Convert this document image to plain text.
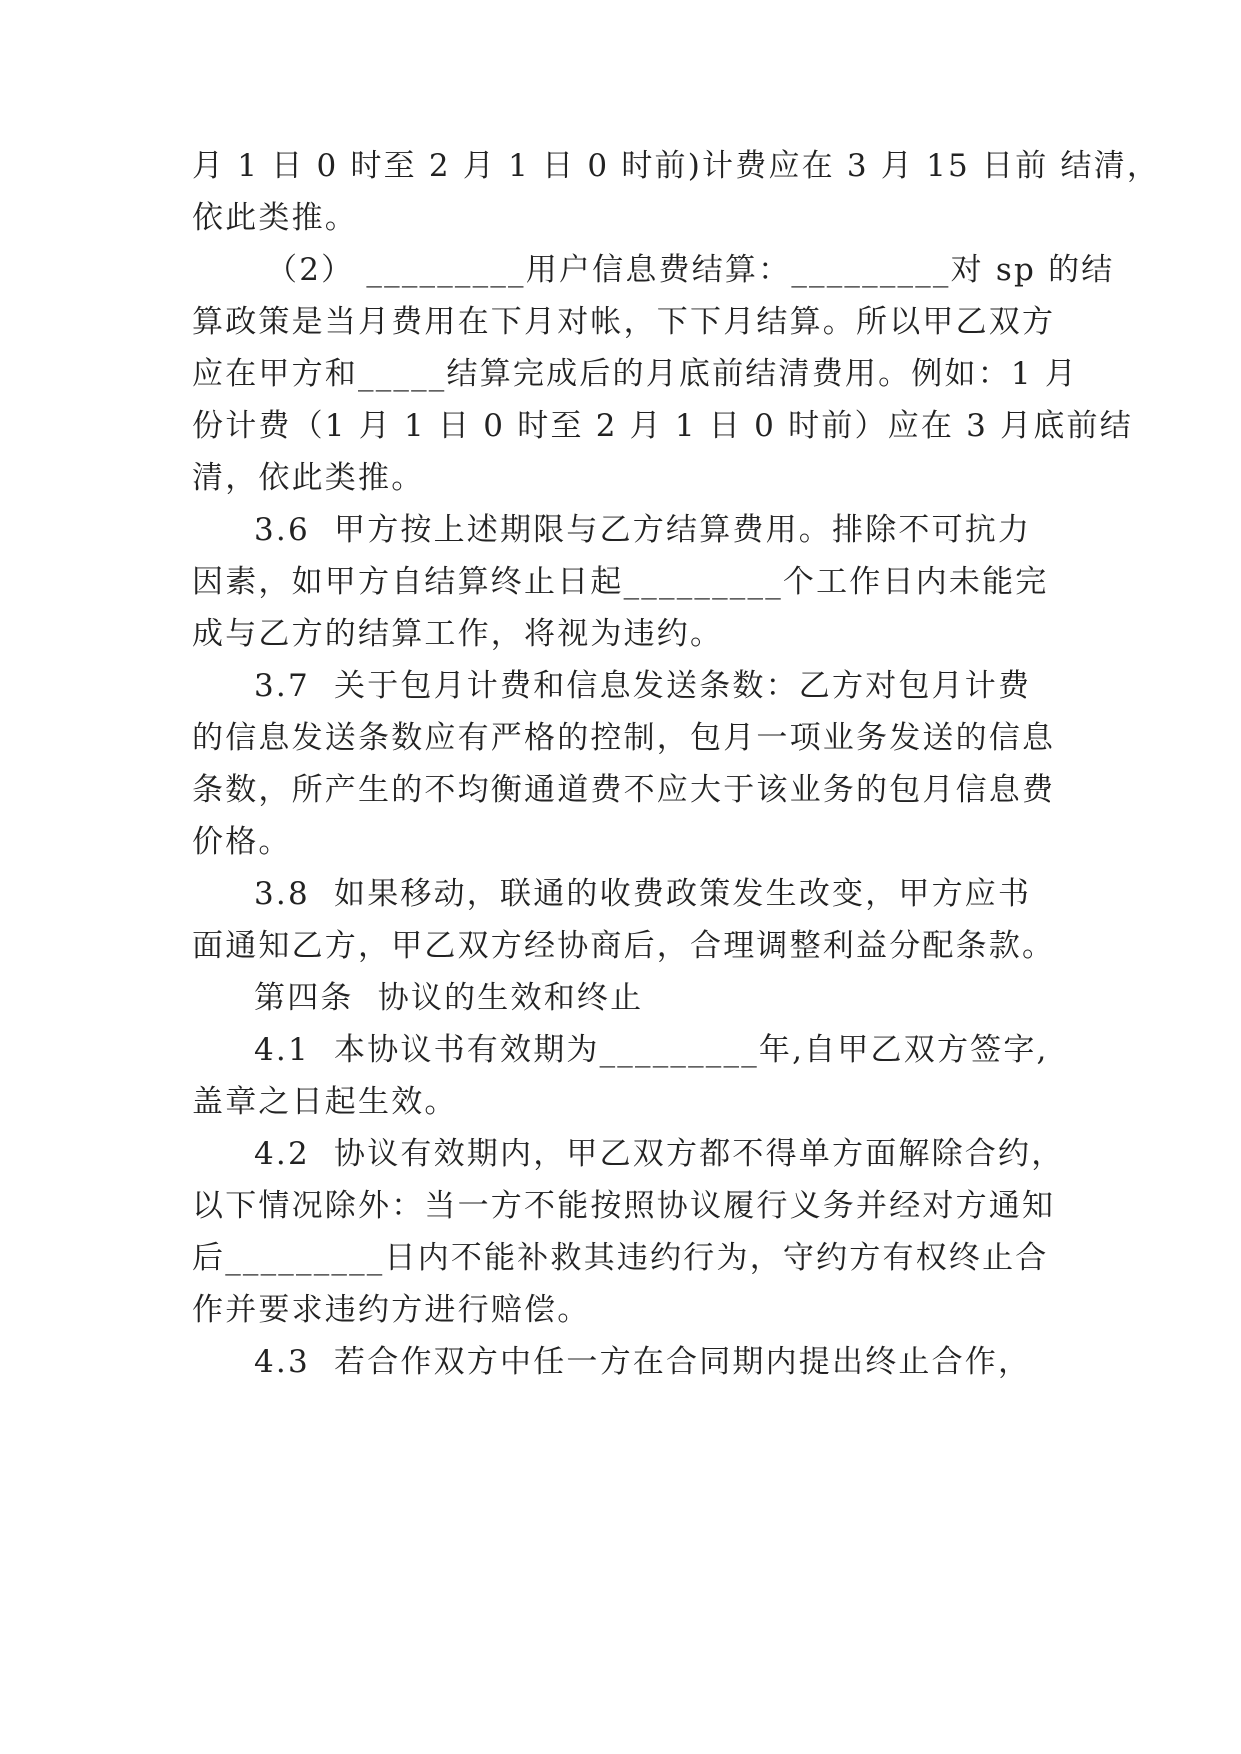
月 1 日 0 时至 2 月 1 日 0 时前)计费应在 3 月 15 日前 结清，
依此类推。
（2） _________用户信息费结算：_________对 sp 的结
算政策是当月费用在下月对帐，下下月结算。所以甲乙双方
应在甲方和_____结算完成后的月底前结清费用。例如：1 月
份计费（1 月 1 日 0 时至 2 月 1 日 0 时前）应在 3 月底前结
清，依此类推。
3.6  甲方按上述期限与乙方结算费用。排除不可抗力
因素，如甲方自结算终止日起_________个工作日内未能完
成与乙方的结算工作，将视为违约。
3.7  关于包月计费和信息发送条数：乙方对包月计费
的信息发送条数应有严格的控制，包月一项业务发送的信息
条数，所产生的不均衡通道费不应大于该业务的包月信息费
价格。
3.8  如果移动，联通的收费政策发生改变，甲方应书
面通知乙方，甲乙双方经协商后，合理调整利益分配条款。
第四条  协议的生效和终止
4.1  本协议书有效期为_________年,自甲乙双方签字,
盖章之日起生效。
4.2  协议有效期内，甲乙双方都不得单方面解除合约，
以下情况除外：当一方不能按照协议履行义务并经对方通知
后_________日内不能补救其违约行为，守约方有权终止合
作并要求违约方进行赔偿。
4.3  若合作双方中任一方在合同期内提出终止合作，
